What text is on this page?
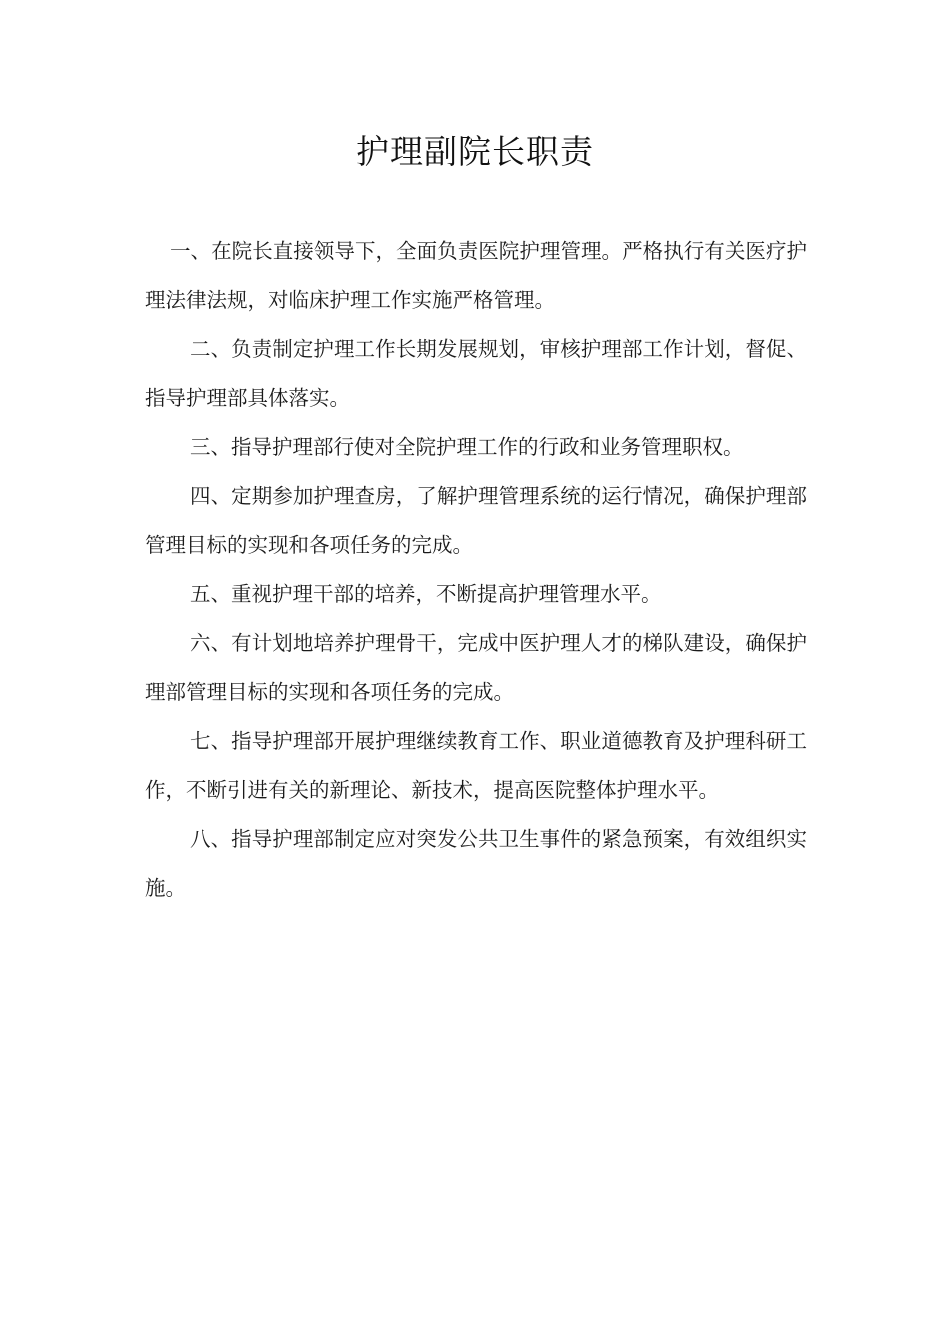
护理副院长职责

一、在院长直接领导下，全面负责医院护理管理。严格执行有关医疗护理法律法规，对临床护理工作实施严格管理。

二、负责制定护理工作长期发展规划，审核护理部工作计划，督促、指导护理部具体落实。

三、指导护理部行使对全院护理工作的行政和业务管理职权。

四、定期参加护理查房，了解护理管理系统的运行情况，确保护理部管理目标的实现和各项任务的完成。

五、重视护理干部的培养，不断提高护理管理水平。

六、有计划地培养护理骨干，完成中医护理人才的梯队建设，确保护理部管理目标的实现和各项任务的完成。

七、指导护理部开展护理继续教育工作、职业道德教育及护理科研工作，不断引进有关的新理论、新技术，提高医院整体护理水平。

八、指导护理部制定应对突发公共卫生事件的紧急预案，有效组织实施。
